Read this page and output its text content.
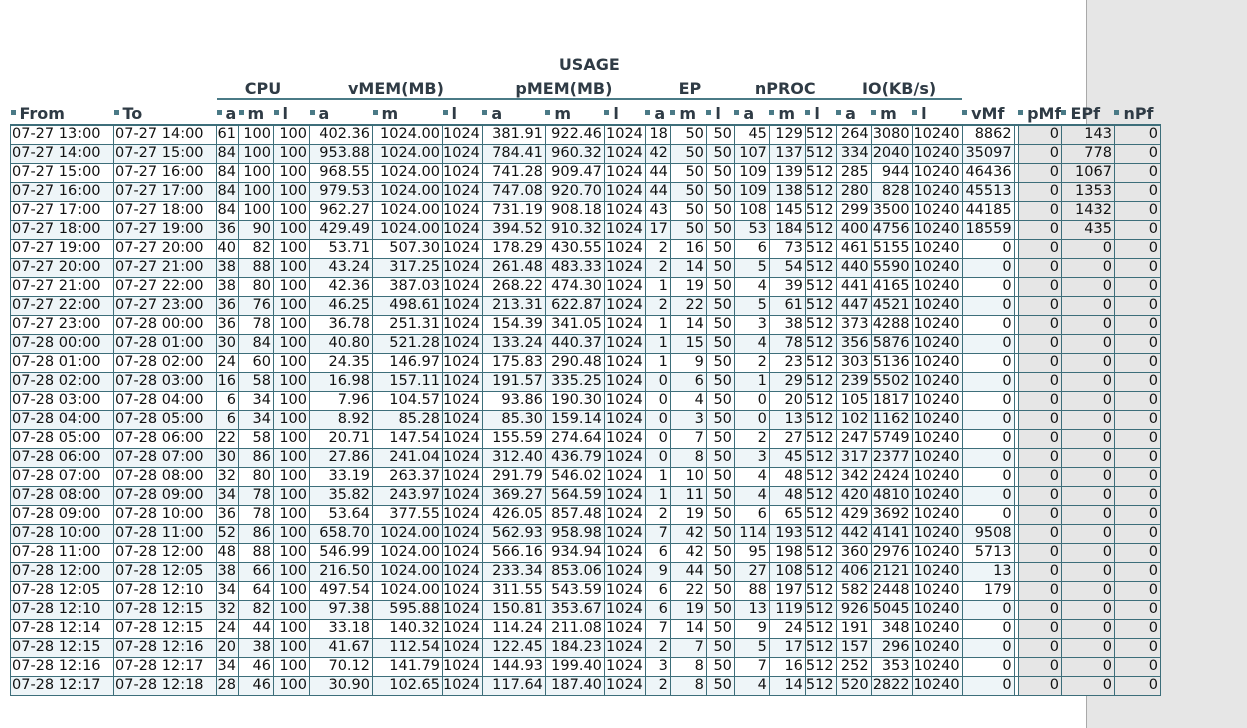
		USAGE																						
		CPU			vMEM(MB)			pMEM(MB)			EP			nPROC			IO(KB/s)							
From	To	a	m	l	a	m	l	a	m	l	a	m	l	a	m	l	a	m	l	vMf		pMf	EPf	nPf
07-27 13:00	07-27 14:00	61	100	100	402.36	1024.00	1024	381.91	922.46	1024	18	50	50	45	129	512	264	3080	10240	8862		0	143	0
07-27 14:00	07-27 15:00	84	100	100	953.88	1024.00	1024	784.41	960.32	1024	42	50	50	107	137	512	334	2040	10240	35097		0	778	0
07-27 15:00	07-27 16:00	84	100	100	968.55	1024.00	1024	741.28	909.47	1024	44	50	50	109	139	512	285	944	10240	46436		0	1067	0
07-27 16:00	07-27 17:00	84	100	100	979.53	1024.00	1024	747.08	920.70	1024	44	50	50	109	138	512	280	828	10240	45513		0	1353	0
07-27 17:00	07-27 18:00	84	100	100	962.27	1024.00	1024	731.19	908.18	1024	43	50	50	108	145	512	299	3500	10240	44185		0	1432	0
07-27 18:00	07-27 19:00	36	90	100	429.49	1024.00	1024	394.52	910.32	1024	17	50	50	53	184	512	400	4756	10240	18559		0	435	0
07-27 19:00	07-27 20:00	40	82	100	53.71	507.30	1024	178.29	430.55	1024	2	16	50	6	73	512	461	5155	10240	0		0	0	0
07-27 20:00	07-27 21:00	38	88	100	43.24	317.25	1024	261.48	483.33	1024	2	14	50	5	54	512	440	5590	10240	0		0	0	0
07-27 21:00	07-27 22:00	38	80	100	42.36	387.03	1024	268.22	474.30	1024	1	19	50	4	39	512	441	4165	10240	0		0	0	0
07-27 22:00	07-27 23:00	36	76	100	46.25	498.61	1024	213.31	622.87	1024	2	22	50	5	61	512	447	4521	10240	0		0	0	0
07-27 23:00	07-28 00:00	36	78	100	36.78	251.31	1024	154.39	341.05	1024	1	14	50	3	38	512	373	4288	10240	0		0	0	0
07-28 00:00	07-28 01:00	30	84	100	40.80	521.28	1024	133.24	440.37	1024	1	15	50	4	78	512	356	5876	10240	0		0	0	0
07-28 01:00	07-28 02:00	24	60	100	24.35	146.97	1024	175.83	290.48	1024	1	9	50	2	23	512	303	5136	10240	0		0	0	0
07-28 02:00	07-28 03:00	16	58	100	16.98	157.11	1024	191.57	335.25	1024	0	6	50	1	29	512	239	5502	10240	0		0	0	0
07-28 03:00	07-28 04:00	6	34	100	7.96	104.57	1024	93.86	190.30	1024	0	4	50	0	20	512	105	1817	10240	0		0	0	0
07-28 04:00	07-28 05:00	6	34	100	8.92	85.28	1024	85.30	159.14	1024	0	3	50	0	13	512	102	1162	10240	0		0	0	0
07-28 05:00	07-28 06:00	22	58	100	20.71	147.54	1024	155.59	274.64	1024	0	7	50	2	27	512	247	5749	10240	0		0	0	0
07-28 06:00	07-28 07:00	30	86	100	27.86	241.04	1024	312.40	436.79	1024	0	8	50	3	45	512	317	2377	10240	0		0	0	0
07-28 07:00	07-28 08:00	32	80	100	33.19	263.37	1024	291.79	546.02	1024	1	10	50	4	48	512	342	2424	10240	0		0	0	0
07-28 08:00	07-28 09:00	34	78	100	35.82	243.97	1024	369.27	564.59	1024	1	11	50	4	48	512	420	4810	10240	0		0	0	0
07-28 09:00	07-28 10:00	36	78	100	53.64	377.55	1024	426.05	857.48	1024	2	19	50	6	65	512	429	3692	10240	0		0	0	0
07-28 10:00	07-28 11:00	52	86	100	658.70	1024.00	1024	562.93	958.98	1024	7	42	50	114	193	512	442	4141	10240	9508		0	0	0
07-28 11:00	07-28 12:00	48	88	100	546.99	1024.00	1024	566.16	934.94	1024	6	42	50	95	198	512	360	2976	10240	5713		0	0	0
07-28 12:00	07-28 12:05	38	66	100	216.50	1024.00	1024	233.34	853.06	1024	9	44	50	27	108	512	406	2121	10240	13		0	0	0
07-28 12:05	07-28 12:10	34	64	100	497.54	1024.00	1024	311.55	543.59	1024	6	22	50	88	197	512	582	2448	10240	179		0	0	0
07-28 12:10	07-28 12:15	32	82	100	97.38	595.88	1024	150.81	353.67	1024	6	19	50	13	119	512	926	5045	10240	0		0	0	0
07-28 12:14	07-28 12:15	24	44	100	33.18	140.32	1024	114.24	211.08	1024	7	14	50	9	24	512	191	348	10240	0		0	0	0
07-28 12:15	07-28 12:16	20	38	100	41.67	112.54	1024	122.45	184.23	1024	2	7	50	5	17	512	157	296	10240	0		0	0	0
07-28 12:16	07-28 12:17	34	46	100	70.12	141.79	1024	144.93	199.40	1024	3	8	50	7	16	512	252	353	10240	0		0	0	0
07-28 12:17	07-28 12:18	28	46	100	30.90	102.65	1024	117.64	187.40	1024	2	8	50	4	14	512	520	2822	10240	0		0	0	0
